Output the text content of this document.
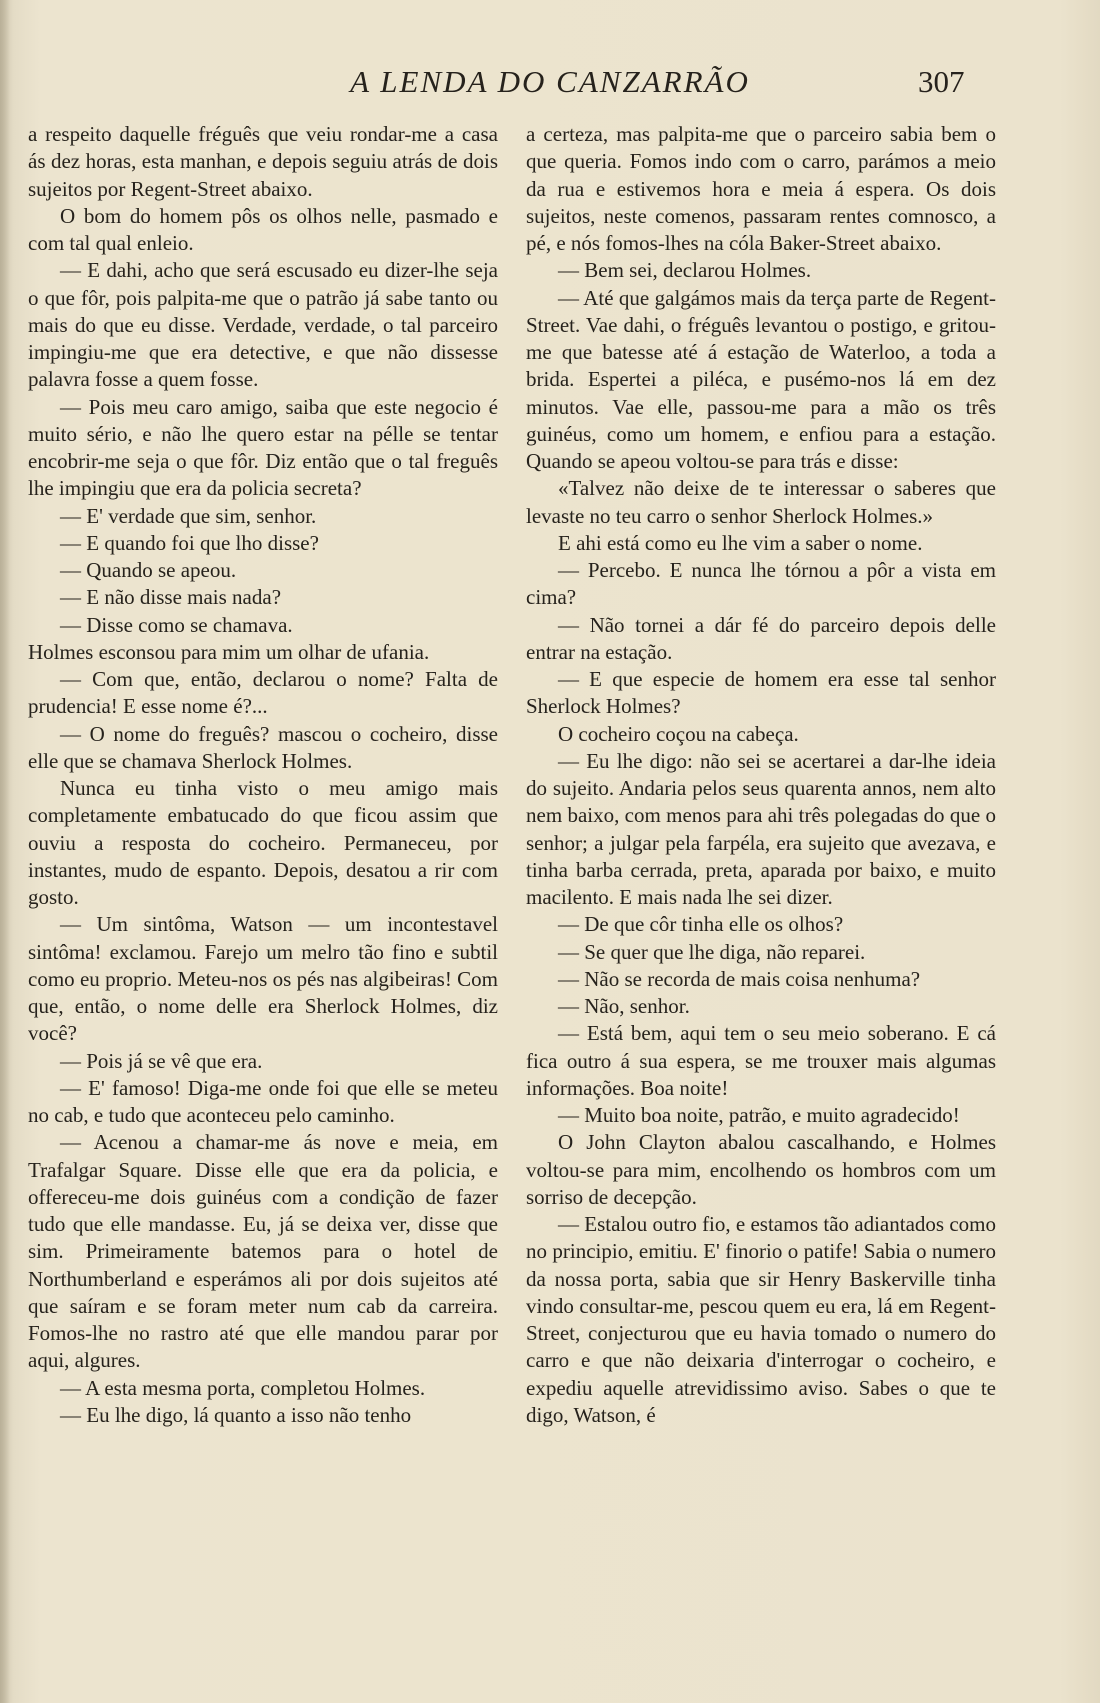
A LENDA DO CANZARRÃO	307

a respeito daquelle fréguês que veiu rondar-me a casa ás dez horas, esta manhan, e depois seguiu atrás de dois sujeitos por Regent-Street abaixo.

O bom do homem pôs os olhos nelle, pasmado e com tal qual enleio.

— E dahi, acho que será escusado eu dizer-lhe seja o que fôr, pois palpita-me que o patrão já sabe tanto ou mais do que eu disse. Verdade, verdade, o tal parceiro impingiu-me que era detective, e que não dissesse palavra fosse a quem fosse.

— Pois meu caro amigo, saiba que este negocio é muito sério, e não lhe quero estar na pélle se tentar encobrir-me seja o que fôr. Diz então que o tal freguês lhe impingiu que era da policia secreta?

— E' verdade que sim, senhor.

— E quando foi que lho disse?

— Quando se apeou.

— E não disse mais nada?

— Disse como se chamava.

Holmes esconsou para mim um olhar de ufania.

— Com que, então, declarou o nome? Falta de prudencia! E esse nome é?...

— O nome do freguês? mascou o cocheiro, disse elle que se chamava Sherlock Holmes.

Nunca eu tinha visto o meu amigo mais completamente embatucado do que ficou assim que ouviu a resposta do cocheiro. Permaneceu, por instantes, mudo de espanto. Depois, desatou a rir com gosto.

— Um sintôma, Watson — um incontestavel sintôma! exclamou. Farejo um melro tão fino e subtil como eu proprio. Meteu-nos os pés nas algibeiras! Com que, então, o nome delle era Sherlock Holmes, diz você?

— Pois já se vê que era.

— E' famoso! Diga-me onde foi que elle se meteu no cab, e tudo que aconteceu pelo caminho.

— Acenou a chamar-me ás nove e meia, em Trafalgar Square. Disse elle que era da policia, e offereceu-me dois guinéus com a condição de fazer tudo que elle mandasse. Eu, já se deixa ver, disse que sim. Primeiramente batemos para o hotel de Northumberland e esperámos ali por dois sujeitos até que saíram e se foram meter num cab da carreira. Fomos-lhe no rastro até que elle mandou parar por aqui, algures.

— A esta mesma porta, completou Holmes.

— Eu lhe digo, lá quanto a isso não tenho

a certeza, mas palpita-me que o parceiro sabia bem o que queria. Fomos indo com o carro, parámos a meio da rua e estivemos hora e meia á espera. Os dois sujeitos, neste comenos, passaram rentes comnosco, a pé, e nós fomos-lhes na cóla Baker-Street abaixo.

— Bem sei, declarou Holmes.

— Até que galgámos mais da terça parte de Regent-Street. Vae dahi, o fréguês levantou o postigo, e gritou-me que batesse até á estação de Waterloo, a toda a brida. Espertei a piléca, e pusémo-nos lá em dez minutos. Vae elle, passou-me para a mão os três guinéus, como um homem, e enfiou para a estação. Quando se apeou voltou-se para trás e disse:

«Talvez não deixe de te interessar o saberes que levaste no teu carro o senhor Sherlock Holmes.»

E ahi está como eu lhe vim a saber o nome.

— Percebo. E nunca lhe tórnou a pôr a vista em cima?

— Não tornei a dár fé do parceiro depois delle entrar na estação.

— E que especie de homem era esse tal senhor Sherlock Holmes?

O cocheiro coçou na cabeça.

— Eu lhe digo: não sei se acertarei a dar-lhe ideia do sujeito. Andaria pelos seus quarenta annos, nem alto nem baixo, com menos para ahi três polegadas do que o senhor; a julgar pela farpéla, era sujeito que avezava, e tinha barba cerrada, preta, aparada por baixo, e muito macilento. E mais nada lhe sei dizer.

— De que côr tinha elle os olhos?

— Se quer que lhe diga, não reparei.

— Não se recorda de mais coisa nenhuma?

— Não, senhor.

— Está bem, aqui tem o seu meio soberano. E cá fica outro á sua espera, se me trouxer mais algumas informações. Boa noite!

— Muito boa noite, patrão, e muito agradecido!

O John Clayton abalou cascalhando, e Holmes voltou-se para mim, encolhendo os hombros com um sorriso de decepção.

— Estalou outro fio, e estamos tão adiantados como no principio, emitiu. E' finorio o patife! Sabia o numero da nossa porta, sabia que sir Henry Baskerville tinha vindo consultar-me, pescou quem eu era, lá em Regent-Street, conjecturou que eu havia tomado o numero do carro e que não deixaria d'interrogar o cocheiro, e expediu aquelle atrevidissimo aviso. Sabes o que te digo, Watson, é
